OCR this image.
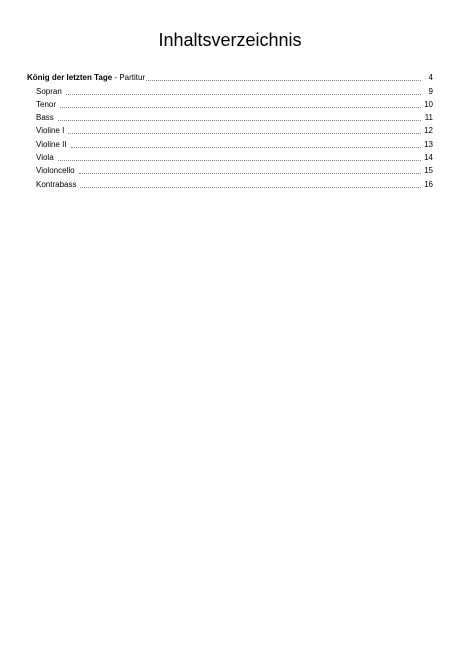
Inhaltsverzeichnis
König der letzten Tage - Partitur	4
Sopran	9
Tenor	10
Bass	11
Violine I	12
Violine II	13
Viola	14
Violoncello	15
Kontrabass	16
